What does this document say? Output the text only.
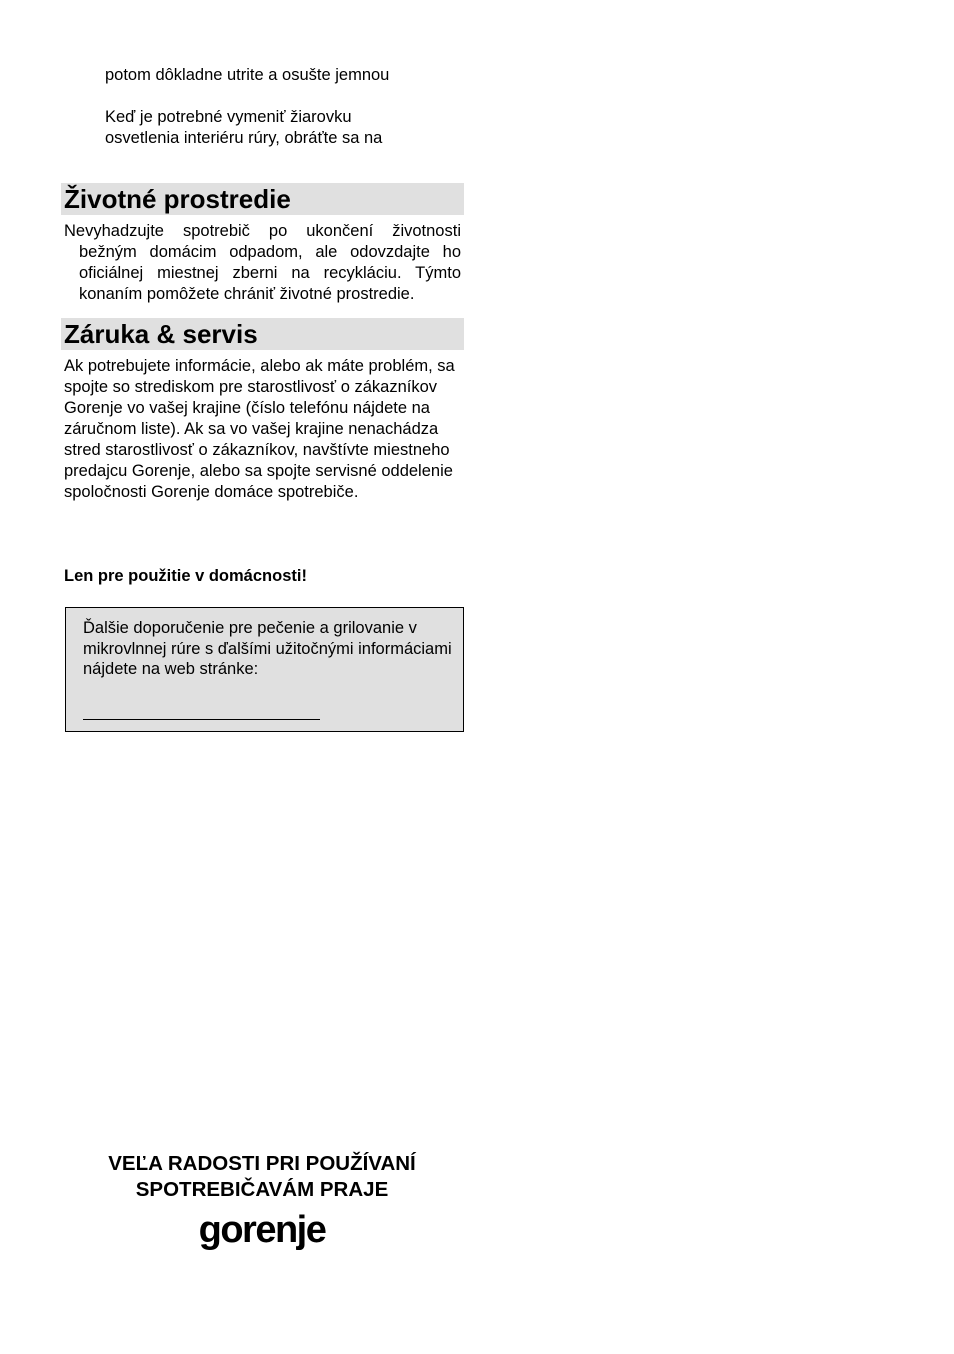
potom dôkladne utrite a osušte jemnou

Keď je potrebné vymeniť žiarovku

osvetlenia interiéru rúry, obráťte sa na

Životné prostredie

Nevyhadzujte spotrebič po ukončení životnosti bežným domácim odpadom, ale odovzdajte ho oficiálnej miestnej zberni na recykláciu. Týmto konaním pomôžete chrániť životné prostredie.

Záruka & servis

Ak potrebujete informácie, alebo ak máte problém, sa spojte so strediskom pre starostlivosť o zákazníkov Gorenje vo vašej krajine (číslo telefónu nájdete na záručnom liste). Ak sa vo vašej krajine nenachádza stred starostlivosť o zákazníkov, navštívte miestneho predajcu Gorenje, alebo sa spojte servisné oddelenie spoločnosti Gorenje domáce spotrebiče.

Len pre použitie v domácnosti!

Ďalšie doporučenie pre pečenie a grilovanie v mikrovlnnej rúre s ďalšími užitočnými informáciami nájdete na web stránke:

VEĽA RADOSTI PRI POUŽÍVANÍ
SPOTREBIČAVÁM PRAJE
gorenje
